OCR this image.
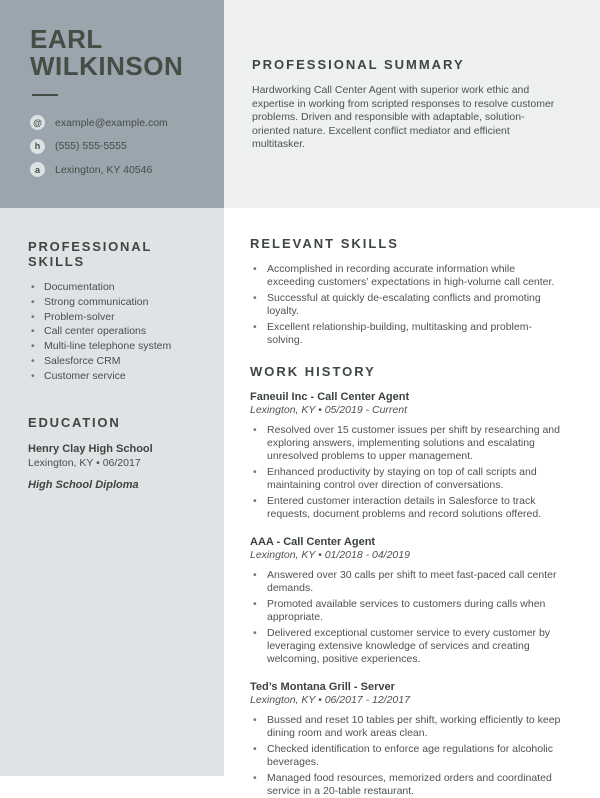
EARL
WILKINSON
@ example@example.com
h	(555) 555-5555
a	Lexington, KY 40546
PROFESSIONAL SUMMARY

Hardworking Call Center Agent with superior work ethic and expertise in working from scripted responses to resolve customer problems. Driven and responsible with adaptable, solution-oriented nature. Excellent conflict mediator and efficient multitasker.

PROFESSIONAL SKILLS
• Documentation
• Strong communication
• Problem-solver
• Call center operations
• Multi-line telephone system
• Salesforce CRM
• Customer service
EDUCATION

Henry Clay High School

Lexington, KY • 06/2017

High School Diploma

RELEVANT SKILLS
• Accomplished in recording accurate information while exceeding customers’ expectations in high-volume call center.
• Successful at quickly de-escalating conflicts and promoting loyalty.
• Excellent relationship-building, multitasking and problem-solving.
WORK HISTORY

Faneuil Inc - Call Center Agent

Lexington, KY • 05/2019 - Current

• Resolved over 15 customer issues per shift by researching and exploring answers, implementing solutions and escalating unresolved problems to upper management.
• Enhanced productivity by staying on top of call scripts and maintaining control over direction of conversations.
• Entered customer interaction details in Salesforce to track requests, document problems and record solutions offered.

AAA - Call Center Agent

Lexington, KY • 01/2018 - 04/2019

• Answered over 30 calls per shift to meet fast-paced call center demands.
• Promoted available services to customers during calls when appropriate.
• Delivered exceptional customer service to every customer by leveraging extensive knowledge of services and creating welcoming, positive experiences.

Ted’s Montana Grill - Server

Lexington, KY • 06/2017 - 12/2017

• Bussed and reset 10 tables per shift, working efficiently to keep dining room and work areas clean.
• Checked identification to enforce age regulations for alcoholic beverages.
• Managed food resources, memorized orders and coordinated service in a 20-table restaurant.
